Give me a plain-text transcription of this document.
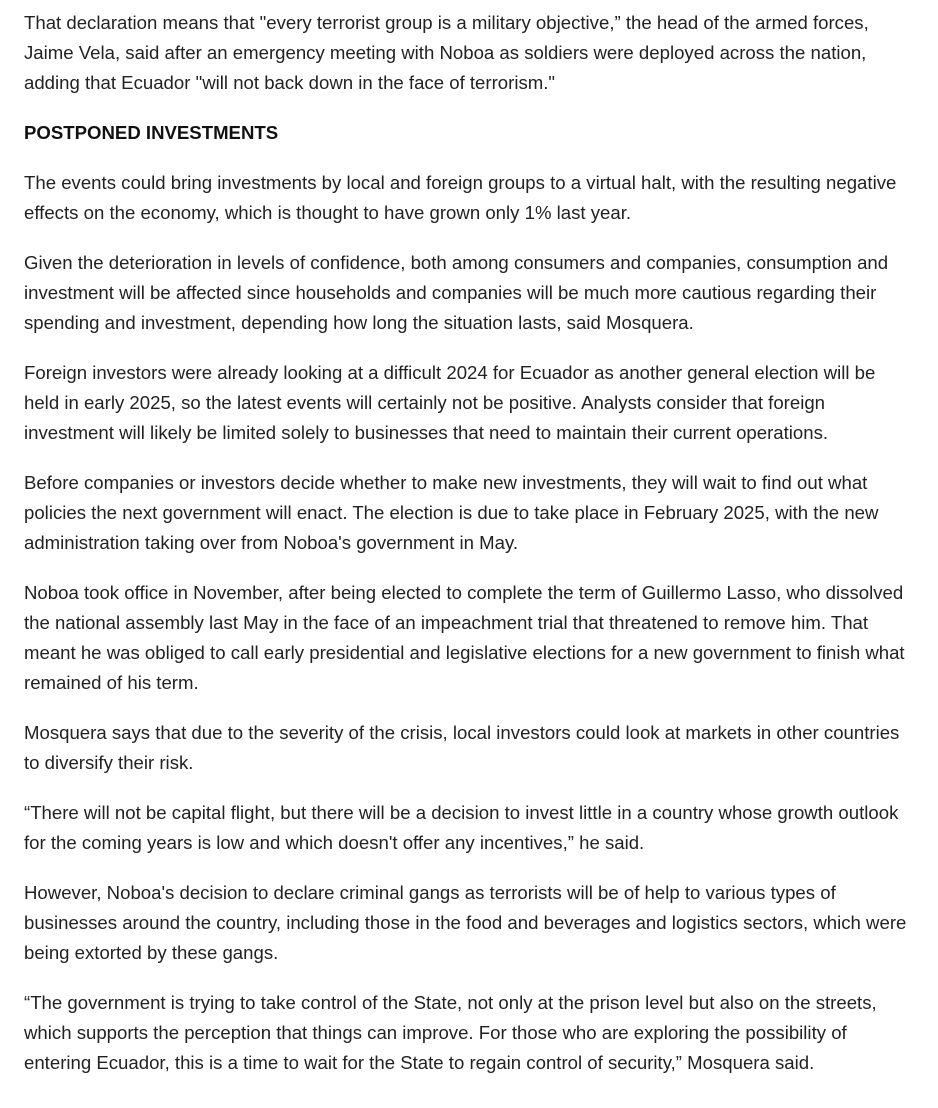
That declaration means that "every terrorist group is a military objective,” the head of the armed forces, Jaime Vela, said after an emergency meeting with Noboa as soldiers were deployed across the nation, adding that Ecuador "will not back down in the face of terrorism."

POSTPONED INVESTMENTS

The events could bring investments by local and foreign groups to a virtual halt, with the resulting negative effects on the economy, which is thought to have grown only 1% last year.

Given the deterioration in levels of confidence, both among consumers and companies, consumption and investment will be affected since households and companies will be much more cautious regarding their spending and investment, depending how long the situation lasts, said Mosquera.

Foreign investors were already looking at a difficult 2024 for Ecuador as another general election will be held in early 2025, so the latest events will certainly not be positive. Analysts consider that foreign investment will likely be limited solely to businesses that need to maintain their current operations.

Before companies or investors decide whether to make new investments, they will wait to find out what policies the next government will enact. The election is due to take place in February 2025, with the new administration taking over from Noboa's government in May.

Noboa took office in November, after being elected to complete the term of Guillermo Lasso, who dissolved the national assembly last May in the face of an impeachment trial that threatened to remove him. That meant he was obliged to call early presidential and legislative elections for a new government to finish what remained of his term.

Mosquera says that due to the severity of the crisis, local investors could look at markets in other countries to diversify their risk.

“There will not be capital flight, but there will be a decision to invest little in a country whose growth outlook for the coming years is low and which doesn't offer any incentives,” he said.

However, Noboa's decision to declare criminal gangs as terrorists will be of help to various types of businesses around the country, including those in the food and beverages and logistics sectors, which were being extorted by these gangs.

“The government is trying to take control of the State, not only at the prison level but also on the streets, which supports the perception that things can improve. For those who are exploring the possibility of entering Ecuador, this is a time to wait for the State to regain control of security,” Mosquera said.
